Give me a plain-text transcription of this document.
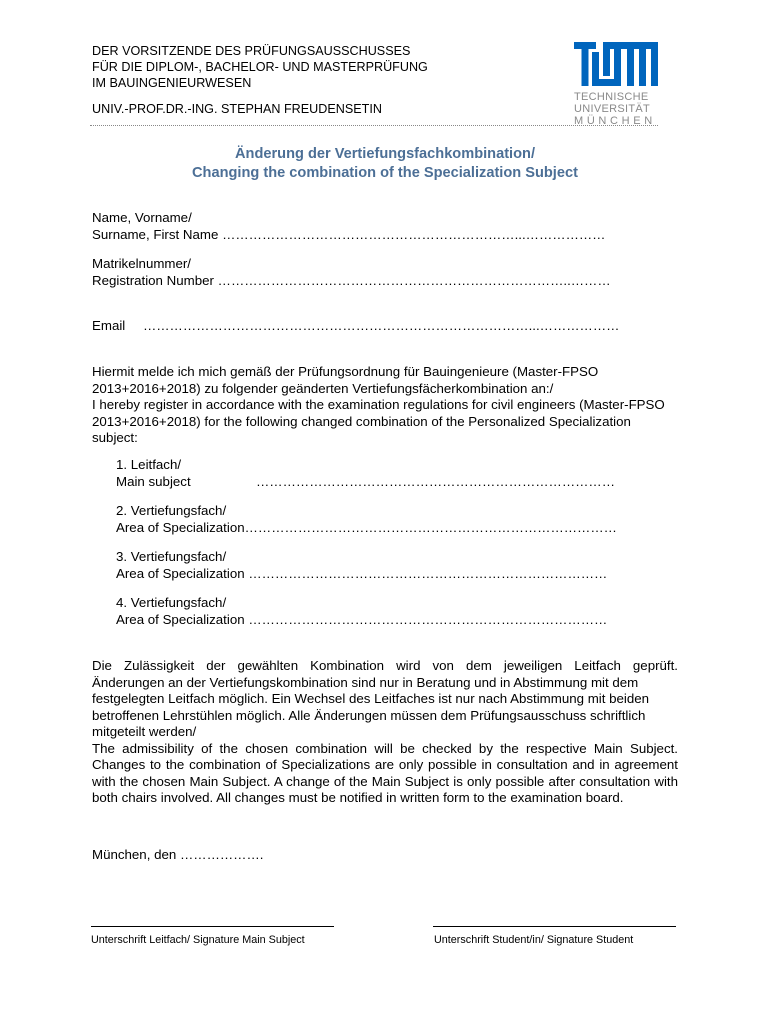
DER VORSITZENDE DES PRÜFUNGSAUSSCHUSSES
FÜR DIE DIPLOM-, BACHELOR- UND MASTERPRÜFUNG
IM BAUINGENIEURWESEN
UNIV.-PROF.DR.-ING. STEPHAN FREUDENSETIN
TECHNISCHE
UNIVERSITÄT
M Ü N C H E N
Änderung der Vertiefungsfachkombination/
Changing the combination of the Specialization Subject
Name, Vorname/
Surname, First Name …………………………………………………………...………………
Matrikelnummer/
Registration Number ……………………………………………………………………..………
Email ……………………………………………………………………………...………………
Hiermit melde ich mich gemäß der Prüfungsordnung für Bauingenieure (Master-FPSO 2013+2016+2018) zu folgender geänderten Vertiefungsfächerkombination an:/
I hereby register in accordance with the examination regulations for civil engineers (Master-FPSO 2013+2016+2018) for the following changed combination of the Personalized Specialization subject:
1. Leitfach/
Main subject	………………………………………………………………………
2. Vertiefungsfach/
Area of Specialization…………………………………………………………………………
3. Vertiefungsfach/
Area of Specialization ………………………………………………………………………
4. Vertiefungsfach/
Area of Specialization ………………………………………………………………………
Die Zulässigkeit der gewählten Kombination wird von dem jeweiligen Leitfach geprüft.
Änderungen an der Vertiefungskombination sind nur in Beratung und in Abstimmung mit dem festgelegten Leitfach möglich. Ein Wechsel des Leitfaches ist nur nach Abstimmung mit beiden betroffenen Lehrstühlen möglich. Alle Änderungen müssen dem Prüfungsausschuss schriftlich mitgeteilt werden/
The admissibility of the chosen combination will be checked by the respective Main Subject. Changes to the combination of Specializations are only possible in consultation and in agreement with the chosen Main Subject. A change of the Main Subject is only possible after consultation with both chairs involved. All changes must be notified in written form to the examination board.
München, den ……………….
Unterschrift Leitfach/ Signature Main Subject	Unterschrift Student/in/ Signature Student
